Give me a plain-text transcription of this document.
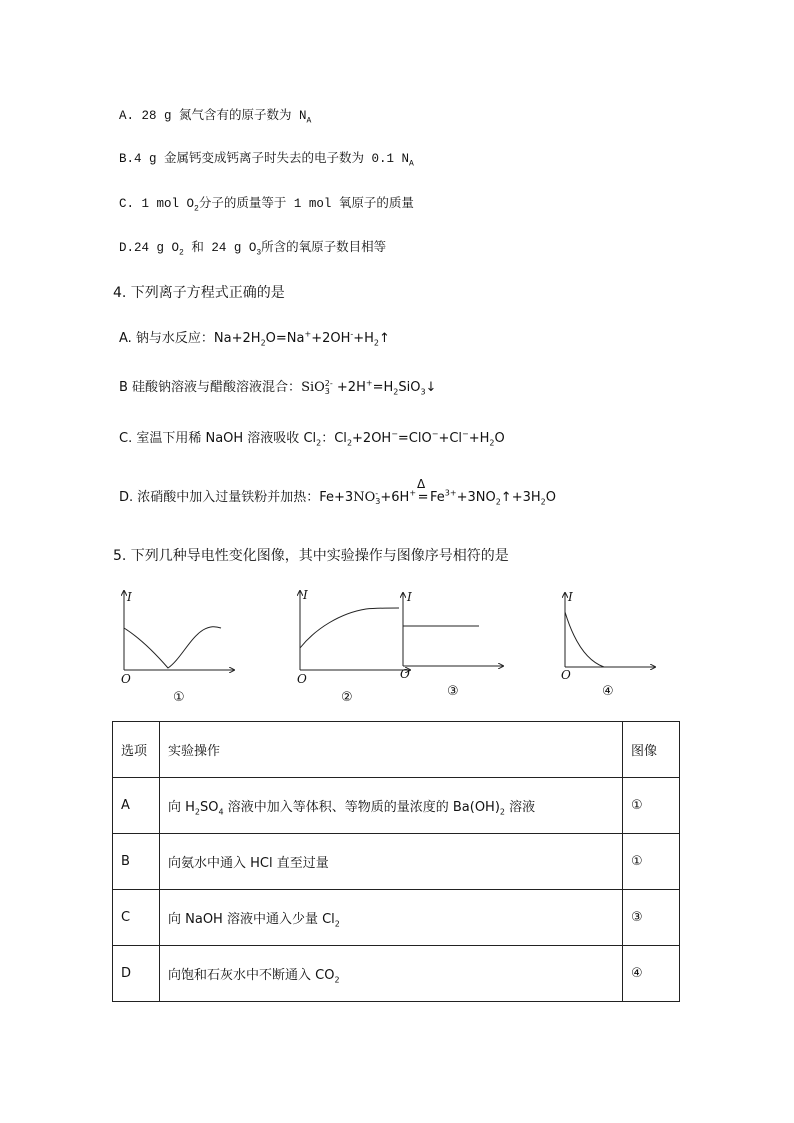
A. 28 g 氮气含有的原子数为 $N_A$
B.4 g 金属钙变成钙离子时失去的电子数为 0.1 $N_A$
C. 1 mol $O_2$分子的质量等于 1 mol 氧原子的质量
D.24 g $O_2$ 和 24 g $O_3$所含的氧原子数目相等
4. 下列离子方程式正确的是
A. 钠与水反应：$Na+2H_2O=Na^++2OH^-+H_2↑$
B 硅酸钠溶液与醋酸溶液混合：SiO 2-
$3 +2H^+=H_2SiO_3↓$
C. 室温下用稀 NaOH 溶液吸收 $Cl_2$：$Cl_2+2OH^-=ClO^-+Cl^-+H_2O$
D. 浓硝酸中加入过量铁粉并加热：Fe+3NO -
3 +6H+
Δ
= $Fe^{3+}+3NO_2↑+3H_2O$
5. 下列几种导电性变化图像，其中实验操作与图像序号相符的是
I
O
①
I
O
②
I
O
③
I
O
④
选项	实验操作	图像
A	向 $H_2SO_4$ 溶液中加入等体积、等物质的量浓度的 $Ba(OH)_2$ 溶液	①
B	向氨水中通入 HCl 直至过量	①
C	向 NaOH 溶液中通入少量 $Cl_2$	③
D	向饱和石灰水中不断通入 $CO_2$	④
